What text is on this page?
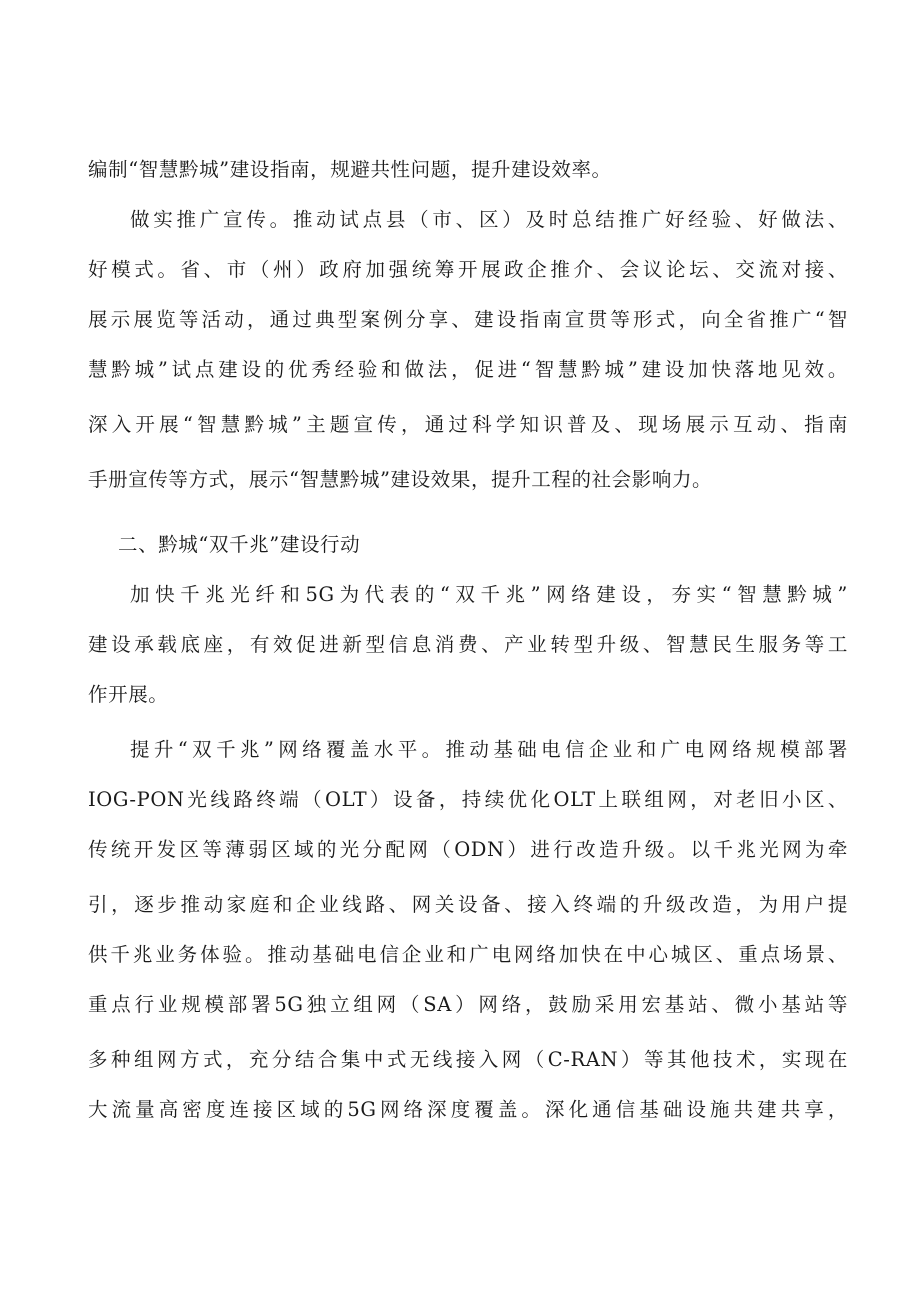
编制“智慧黔城”建设指南，规避共性问题，提升建设效率。
做实推广宣传。推动试点县（市、区）及时总结推广好经验、好做法、
好模式。省、市（州）政府加强统筹开展政企推介、会议论坛、交流对接、
展示展览等活动，通过典型案例分享、建设指南宣贯等形式，向全省推广“智
慧黔城”试点建设的优秀经验和做法，促进“智慧黔城”建设加快落地见效。
深入开展“智慧黔城”主题宣传，通过科学知识普及、现场展示互动、指南
手册宣传等方式，展示“智慧黔城”建设效果，提升工程的社会影响力。
二、黔城“双千兆”建设行动
加快千兆光纤和5G为代表的“双千兆”网络建设，夯实“智慧黔城”
建设承载底座，有效促进新型信息消费、产业转型升级、智慧民生服务等工
作开展。
提升“双千兆”网络覆盖水平。推动基础电信企业和广电网络规模部署
IOG-PON光线路终端（OLT）设备，持续优化OLT上联组网，对老旧小区、
传统开发区等薄弱区域的光分配网（ODN）进行改造升级。以千兆光网为牵
引，逐步推动家庭和企业线路、网关设备、接入终端的升级改造，为用户提
供千兆业务体验。推动基础电信企业和广电网络加快在中心城区、重点场景、
重点行业规模部署5G独立组网（SA）网络，鼓励采用宏基站、微小基站等
多种组网方式，充分结合集中式无线接入网（C-RAN）等其他技术，实现在
大流量高密度连接区域的5G网络深度覆盖。深化通信基础设施共建共享，
